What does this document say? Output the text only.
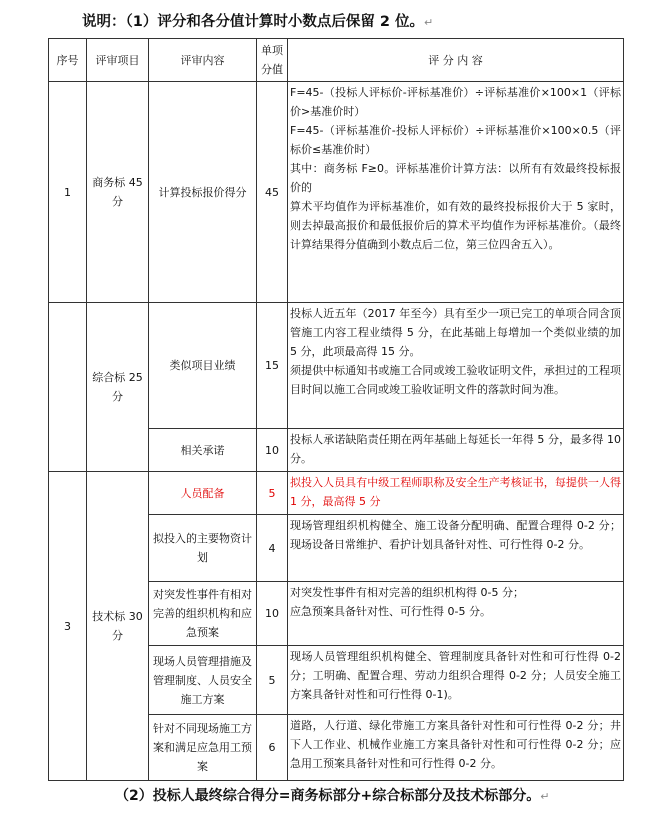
说明：（1）评分和各分值计算时小数点后保留 2 位。↵
序号	评审项目	评审内容	单项分值	评 分 内 容
1	商务标 45 分	计算投标报价得分	45	F=45-（投标人评标价-评标基准价）÷评标基准价×100×1（评标价>基准价时）

F=45-（评标基准价-投标人评标价）÷评标基准价×100×0.5（评标价≤基准价时）

其中：商务标 F≥0。评标基准价计算方法：以所有有效最终投标报价的

算术平均值作为评标基准价，如有效的最终投标报价大于 5 家时，则去掉最高报价和最低报价后的算术平均值作为评标基准价。（最终计算结果得分值确到小数点后二位，第三位四舍五入）。

	综合标 25 分	类似项目业绩	15	投标人近五年（2017 年至今）具有至少一项已完工的单项合同含顶管施工内容工程业绩得 5 分，在此基础上每增加一个类似业绩的加 5 分，此项最高得 15 分。

须提供中标通知书或施工合同或竣工验收证明文件，承担过的工程项目时间以施工合同或竣工验收证明文件的落款时间为准。

		相关承诺	10	投标人承诺缺陷责任期在两年基础上每延长一年得 5 分，最多得 10 分。

3	技术标 30 分	人员配备	5	拟投入人员具有中级工程师职称及安全生产考核证书，每提供一人得 1 分，最高得 5 分

		拟投入的主要物资计划	4	现场管理组织机构健全、施工设备分配明确、配置合理得 0-2 分；现场设备日常维护、看护计划具备针对性、可行性得 0-2 分。

		对突发性事件有相对完善的组织机构和应急预案	10	对突发性事件有相对完善的组织机构得 0-5 分；

应急预案具备针对性、可行性得 0-5 分。

		现场人员管理措施及管理制度、人员安全施工方案	5	现场人员管理组织机构健全、管理制度具备针对性和可行性得 0-2 分；工明确、配置合理、劳动力组织合理得 0-2 分；人员安全施工方案具备针对性和可行性得 0-1)。

		针对不同现场施工方案和满足应急用工预案	6	道路，人行道、绿化带施工方案具备针对性和可行性得 0-2 分；井下人工作业、机械作业施工方案具备针对性和可行性得 0-2 分；应急用工预案具备针对性和可行性得 0-2 分。

（2）投标人最终综合得分=商务标部分+综合标部分及技术标部分。↵
